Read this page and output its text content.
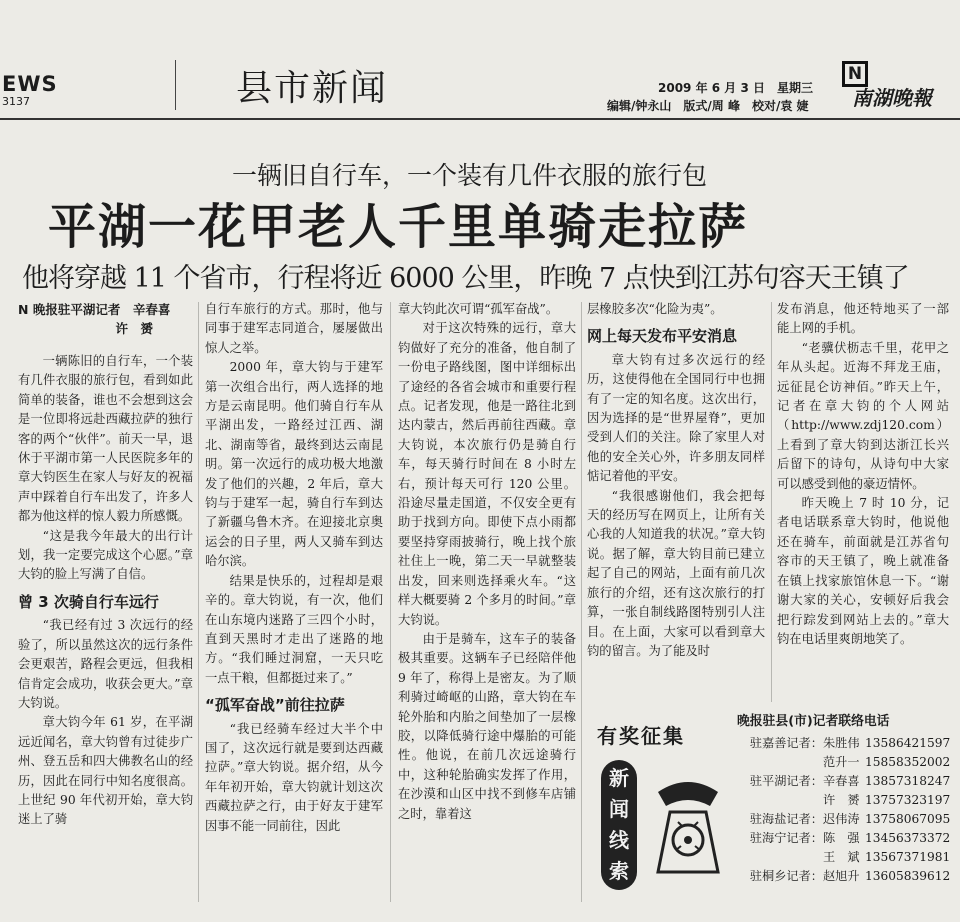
EWS
3137	县市新闻	2009 年 6 月 3 日　星期三
编辑/钟永山　版式/周 峰　校对/袁 婕
N
南湖晚報
一辆旧自行车，一个装有几件衣服的旅行包
平湖一花甲老人千里单骑走拉萨
他将穿越 11 个省市，行程将近 6000 公里，昨晚 7 点快到江苏句容天王镇了
N 晚报驻平湖记者　辛春喜
许　赟

一辆陈旧的自行车，一个装有几件衣服的旅行包，看到如此简单的装备，谁也不会想到这会是一位即将远赴西藏拉萨的独行客的两个“伙伴”。前天一早，退休于平湖市第一人民医院多年的章大钧医生在家人与好友的祝福声中踩着自行车出发了，许多人都为他这样的惊人毅力所感慨。

“这是我今年最大的出行计划，我一定要完成这个心愿。”章大钧的脸上写满了自信。

曾 3 次骑自行车远行

“我已经有过 3 次远行的经验了，所以虽然这次的远行条件会更艰苦，路程会更远，但我相信肯定会成功，收获会更大。”章大钧说。

章大钧今年 61 岁，在平湖远近闻名，章大钧曾有过徒步广州、登五岳和四大佛教名山的经历，因此在同行中知名度很高。上世纪 90 年代初开始，章大钧迷上了骑

自行车旅行的方式。那时，他与同事于建军志同道合，屡屡做出惊人之举。

2000 年，章大钧与于建军第一次组合出行，两人选择的地方是云南昆明。他们骑自行车从平湖出发，一路经过江西、湖北、湖南等省，最终到达云南昆明。第一次远行的成功极大地激发了他们的兴趣，2 年后，章大钧与于建军一起，骑自行车到达了新疆乌鲁木齐。在迎接北京奥运会的日子里，两人又骑车到达哈尔滨。

结果是快乐的，过程却是艰辛的。章大钧说，有一次，他们在山东境内迷路了三四个小时，直到天黑时才走出了迷路的地方。“我们睡过洞窟，一天只吃一点干粮，但都挺过来了。”

“孤军奋战”前往拉萨

“我已经骑车经过大半个中国了，这次远行就是要到达西藏拉萨。”章大钧说。据介绍，从今年年初开始，章大钧就计划这次西藏拉萨之行，由于好友于建军因事不能一同前往，因此

章大钧此次可谓“孤军奋战”。

对于这次特殊的远行，章大钧做好了充分的准备，他自制了一份电子路线图，图中详细标出了途经的各省会城市和重要行程点。记者发现，他是一路往北到达内蒙古，然后再前往西藏。章大钧说，本次旅行仍是骑自行车，每天骑行时间在 8 小时左右，预计每天可行 120 公里。沿途尽量走国道，不仅安全更有助于找到方向。即使下点小雨都要坚持穿雨披骑行，晚上找个旅社住上一晚，第二天一早就整装出发，回来则选择乘火车。“这样大概要骑 2 个多月的时间。”章大钧说。

由于是骑车，这车子的装备极其重要。这辆车子已经陪伴他 9 年了，称得上是密友。为了顺利骑过崎岖的山路，章大钧在车轮外胎和内胎之间垫加了一层橡胶，以降低骑行途中爆胎的可能性。他说，在前几次远途骑行中，这种轮胎确实发挥了作用，在沙漠和山区中找不到修车店铺之时，靠着这

层橡胶多次“化险为夷”。

网上每天发布平安消息

章大钧有过多次远行的经历，这使得他在全国同行中也拥有了一定的知名度。这次出行，因为选择的是“世界屋脊”，更加受到人们的关注。除了家里人对他的安全关心外，许多朋友同样惦记着他的平安。

“我很感谢他们，我会把每天的经历写在网页上，让所有关心我的人知道我的状况。”章大钧说。据了解，章大钧目前已建立起了自己的网站，上面有前几次旅行的介绍，还有这次旅行的打算，一张自制线路图特别引人注目。在上面，大家可以看到章大钧的留言。为了能及时

发布消息，他还特地买了一部能上网的手机。

“老骥伏枥志千里，花甲之年从头起。近海不拜龙王庙，远征昆仑访神佰。”昨天上午，记者在章大钧的个人网站（http://www.zdj120.com）上看到了章大钧到达浙江长兴后留下的诗句，从诗句中大家可以感受到他的豪迈情怀。

昨天晚上 7 时 10 分，记者电话联系章大钧时，他说他还在骑车，前面就是江苏省句容市的天王镇了，晚上就准备在镇上找家旅馆休息一下。“谢谢大家的关心，安顿好后我会把行踪发到网站上去的。”章大钧在电话里爽朗地笑了。

有奖征集
新闻线索
晚报驻县(市)记者联络电话
驻嘉善记者：朱胜伟 13586421597
范升一 15858352002
驻平湖记者：辛春喜 13857318247
许　赟 13757323197
驻海盐记者：迟伟涛 13758067095
驻海宁记者：陈　强 13456373372
王　斌 13567371981
驻桐乡记者：赵旭升 13605839612
